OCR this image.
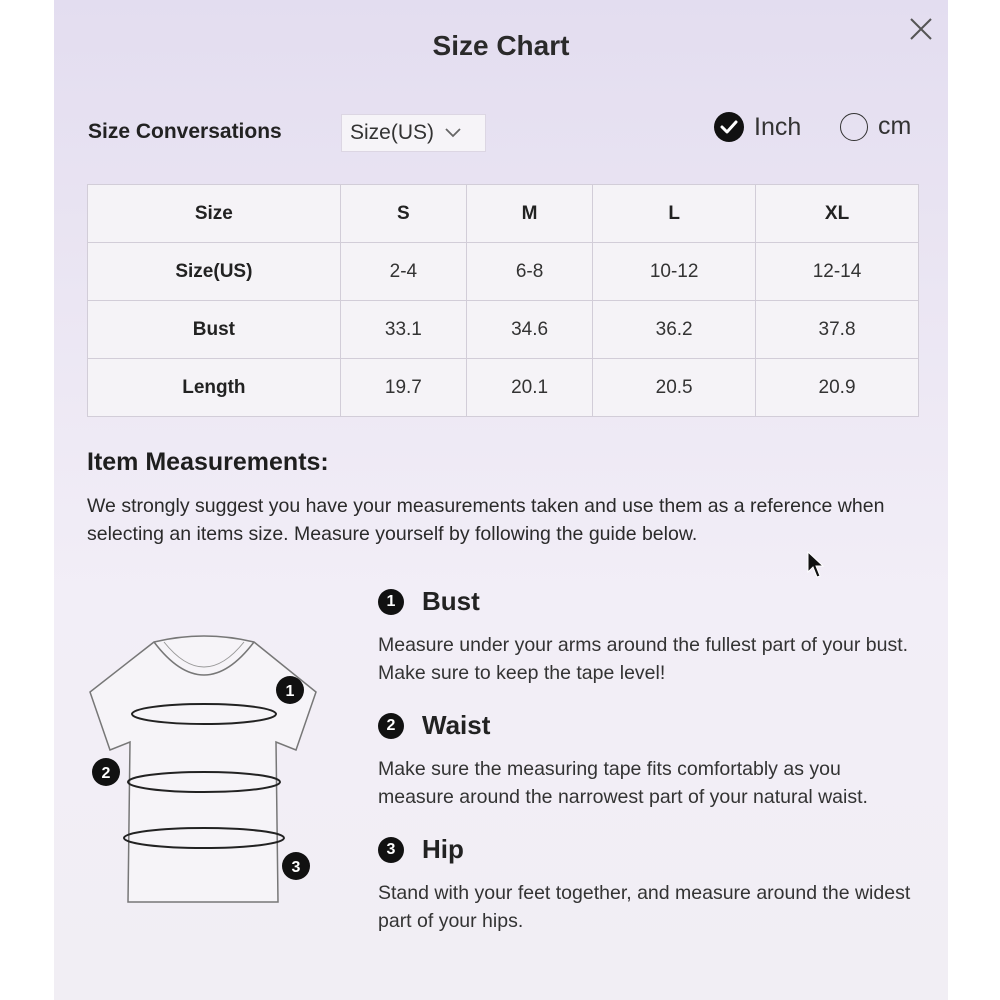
Size Chart
Size Conversations	Size(US)	Inch	cm
Size	S	M	L	XL
Size(US)	2-4	6-8	10-12	12-14
Bust	33.1	34.6	36.2	37.8
Length	19.7	20.1	20.5	20.9
Item Measurements:
We strongly suggest you have your measurements taken and use them as a reference when selecting an items size. Measure yourself by following the guide below.
1
2
3
1	Bust
Measure under your arms around the fullest part of your bust. Make sure to keep the tape level!
2	Waist
Make sure the measuring tape fits comfortably as you measure around the narrowest part of your natural waist.
3	Hip
Stand with your feet together, and measure around the widest part of your hips.
